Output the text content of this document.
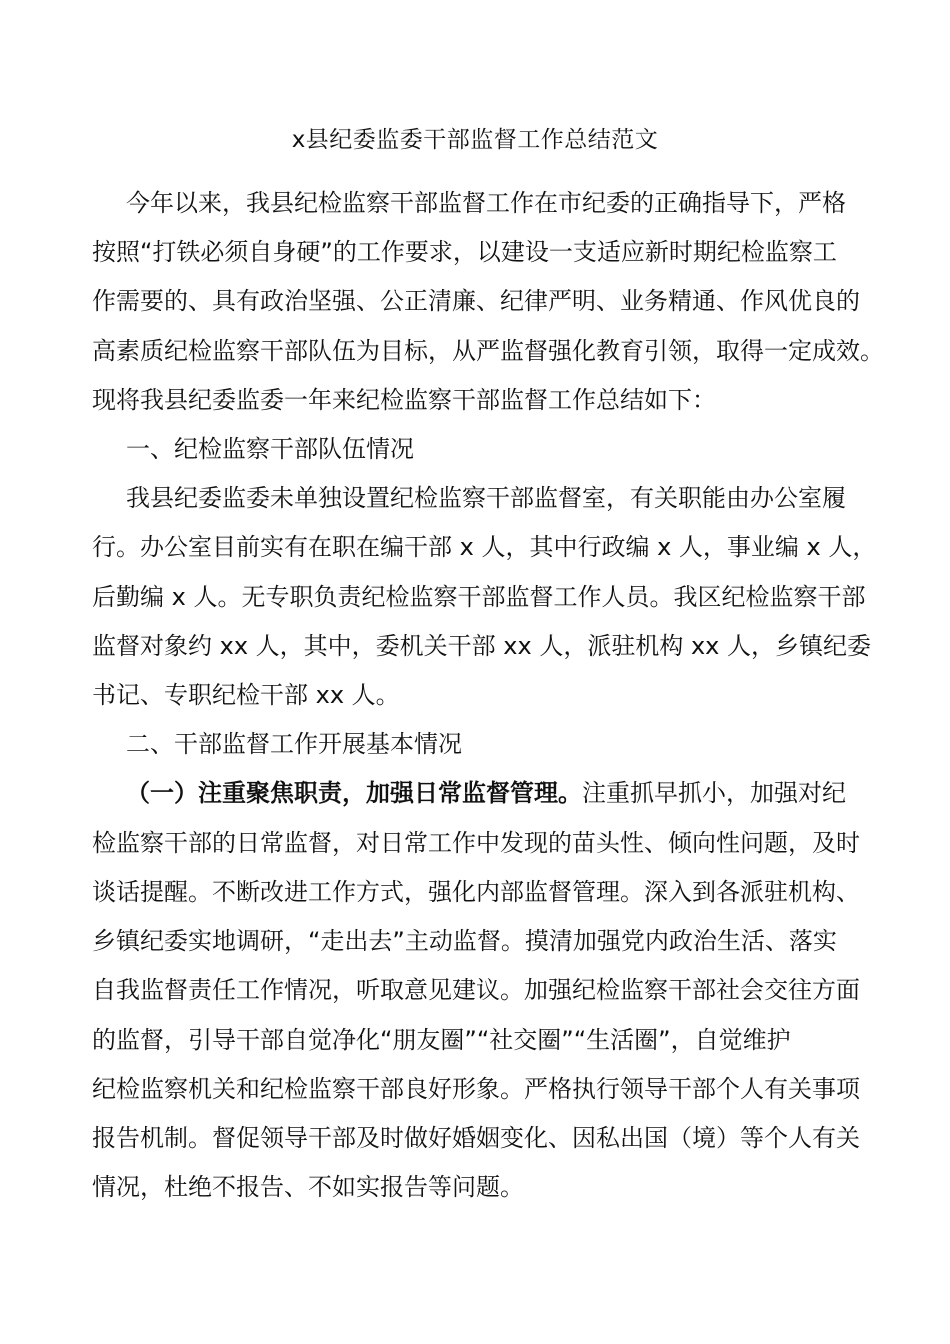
x县纪委监委干部监督工作总结范文
今年以来，我县纪检监察干部监督工作在市纪委的正确指导下，严格
按照“打铁必须自身硬”的工作要求，以建设一支适应新时期纪检监察工
作需要的、具有政治坚强、公正清廉、纪律严明、业务精通、作风优良的
高素质纪检监察干部队伍为目标，从严监督强化教育引领，取得一定成效。
现将我县纪委监委一年来纪检监察干部监督工作总结如下：
一、纪检监察干部队伍情况
我县纪委监委未单独设置纪检监察干部监督室，有关职能由办公室履
行。办公室目前实有在职在编干部 x 人，其中行政编 x 人，事业编 x 人，
后勤编 x 人。无专职负责纪检监察干部监督工作人员。我区纪检监察干部
监督对象约 xx 人，其中，委机关干部 xx 人，派驻机构 xx 人，乡镇纪委
书记、专职纪检干部 xx 人。
二、干部监督工作开展基本情况
（一）注重聚焦职责，加强日常监督管理。注重抓早抓小，加强对纪
检监察干部的日常监督，对日常工作中发现的苗头性、倾向性问题，及时
谈话提醒。不断改进工作方式，强化内部监督管理。深入到各派驻机构、
乡镇纪委实地调研，“走出去”主动监督。摸清加强党内政治生活、落实
自我监督责任工作情况，听取意见建议。加强纪检监察干部社会交往方面
的监督，引导干部自觉净化“朋友圈”“社交圈”“生活圈”，自觉维护
纪检监察机关和纪检监察干部良好形象。严格执行领导干部个人有关事项
报告机制。督促领导干部及时做好婚姻变化、因私出国（境）等个人有关
情况，杜绝不报告、不如实报告等问题。
